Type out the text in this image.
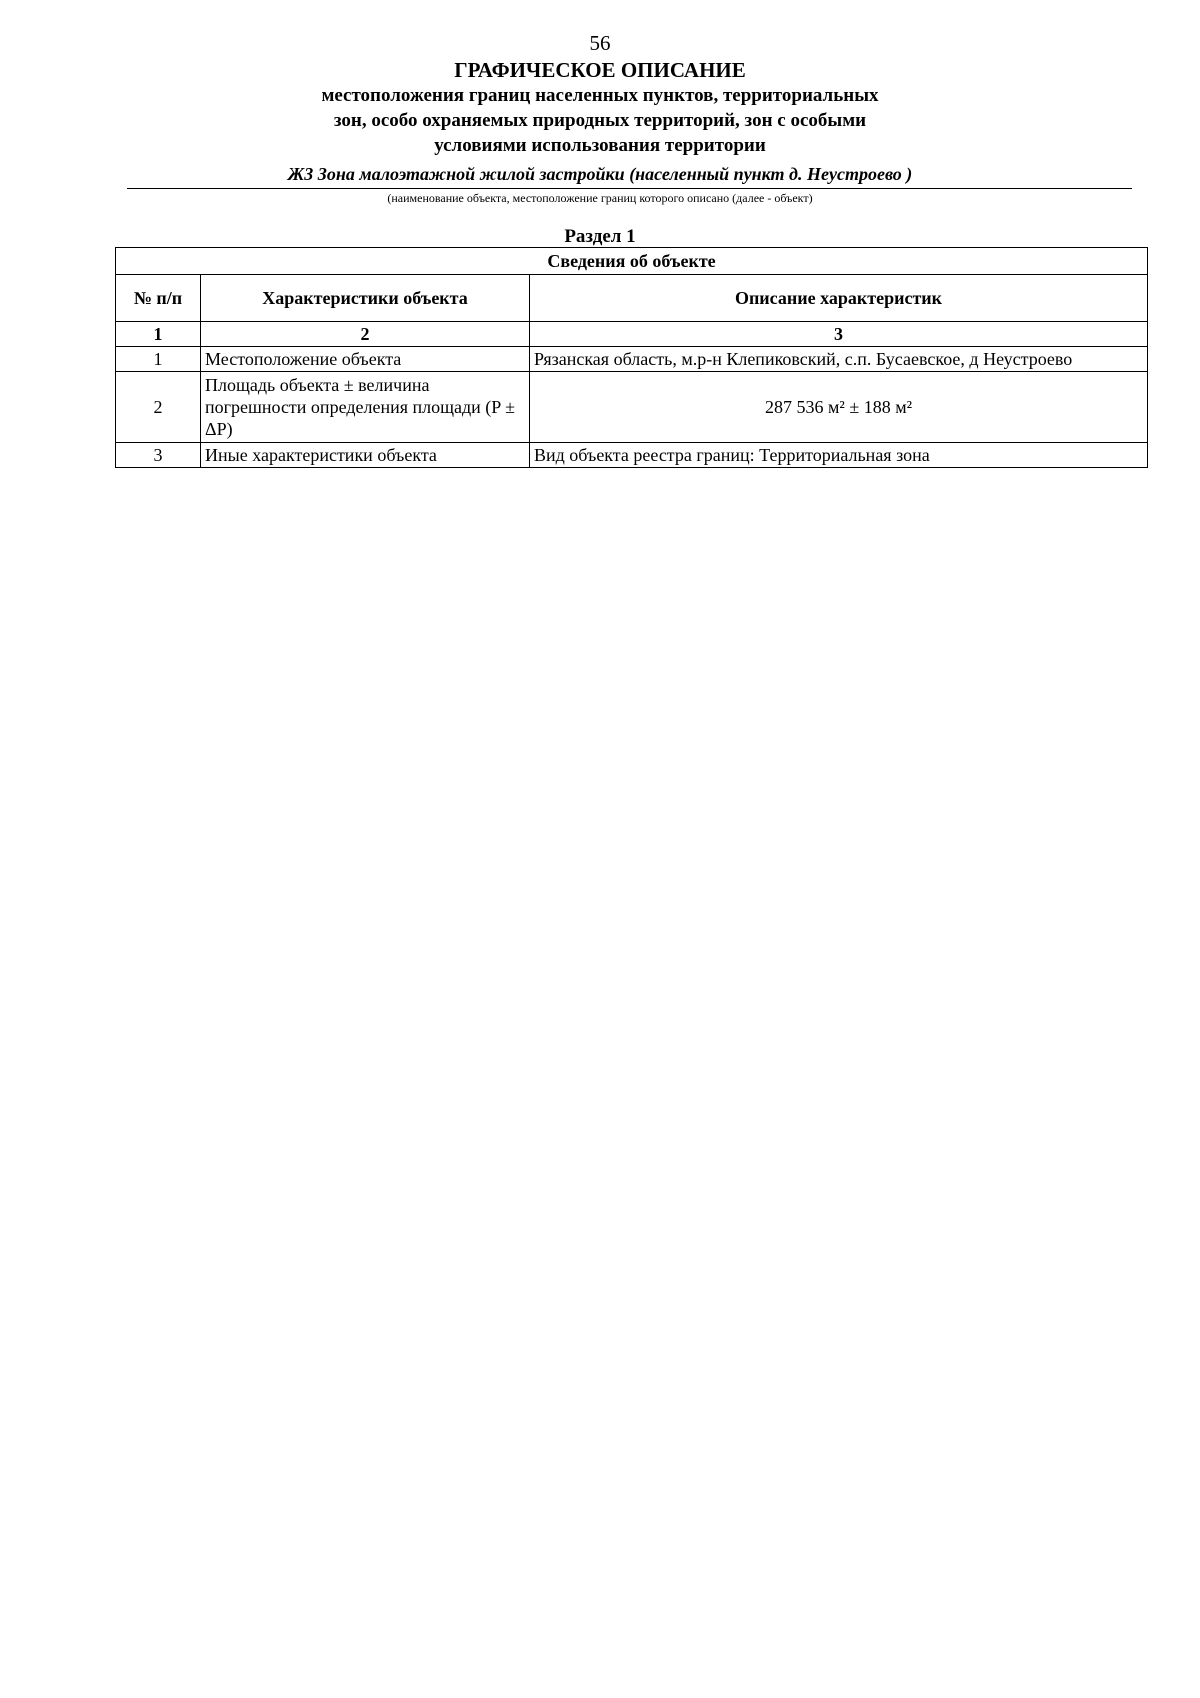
56
ГРАФИЧЕСКОЕ ОПИСАНИЕ
местоположения границ населенных пунктов, территориальных
зон, особо охраняемых природных территорий, зон с особыми
условиями использования территории
Ж3 Зона малоэтажной жилой застройки (населенный пункт д. Неустроево )
(наименование объекта, местоположение границ которого описано (далее - объект)
Раздел 1
Сведения об объекте		
№ п/п	Характеристики объекта	Описание характеристик
1	2	3
1	Местоположение объекта	Рязанская область, м.р-н Клепиковский, с.п. Бусаевское, д Неустроево
2	Площадь объекта ± величина погрешности определения площади (P ± ΔP)	287 536 м² ± 188 м²
3	Иные характеристики объекта	Вид объекта реестра границ: Территориальная зона
